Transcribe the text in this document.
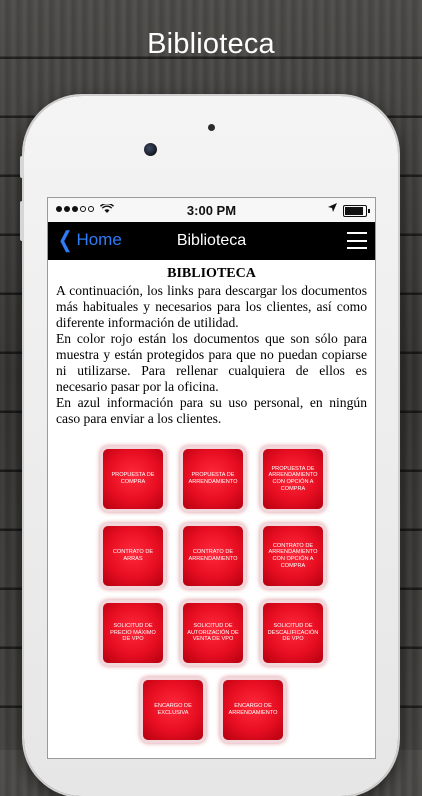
Biblioteca
3:00 PM
❮ Home	Biblioteca
BIBLIOTECA

A continuación, los links para descargar los documentos más habituales y necesarios para los clientes, así como diferente información de utilidad.

En color rojo están los documentos que son sólo para muestra y están protegidos para que no puedan copiarse ni utilizarse. Para rellenar cualquiera de ellos es necesario pasar por la oficina.

En azul información para su uso personal, en ningún caso para enviar a los clientes.

PROPUESTA DE COMPRA
PROPUESTA DE ARRENDAMIENTO
PROPUESTA DE ARRENDAMIENTO CON OPCIÓN A COMPRA
CONTRATO DE ARRAS
CONTRATO DE ARRENDAMIENTO
CONTRATO DE ARRENDAMIENTO CON OPCIÓN A COMPRA
SOLICITUD DE PRECIO MÁXIMO DE VPO
SOLICITUD DE AUTORIZACIÓN DE VENTA DE VPO
SOLICITUD DE DESCALIFICACIÓN DE VPO
ENCARGO DE EXCLUSIVA
ENCARGO DE ARRENDAMIENTO
